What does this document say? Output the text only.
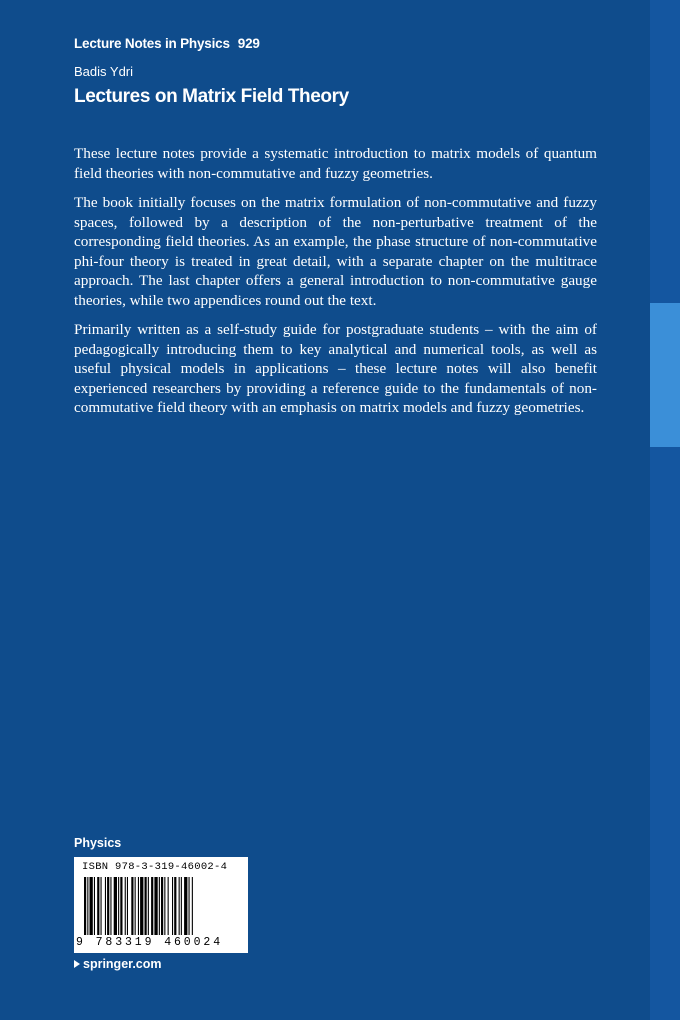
Lecture Notes in Physics 929
Badis Ydri
Lectures on Matrix Field Theory

These lecture notes provide a systematic introduction to matrix models of quantum field theories with non-commutative and fuzzy geometries.

The book initially focuses on the matrix formulation of non-commutative and fuzzy spaces, followed by a description of the non-perturbative treatment of the corresponding field theories. As an example, the phase structure of non-commutative phi-four theory is treated in great detail, with a separate chapter on the multitrace approach. The last chapter offers a general introduction to non-commutative gauge theories, while two appendices round out the text.

Primarily written as a self-study guide for postgraduate students – with the aim of pedagogically introducing them to key analytical and numerical tools, as well as useful physical models in applications – these lecture notes will also benefit experienced researchers by providing a reference guide to the fundamentals of non-commutative field theory with an emphasis on matrix models and fuzzy geometries.

Physics
ISBN 978-3-319-46002-4
9 783319 460024
springer.com
